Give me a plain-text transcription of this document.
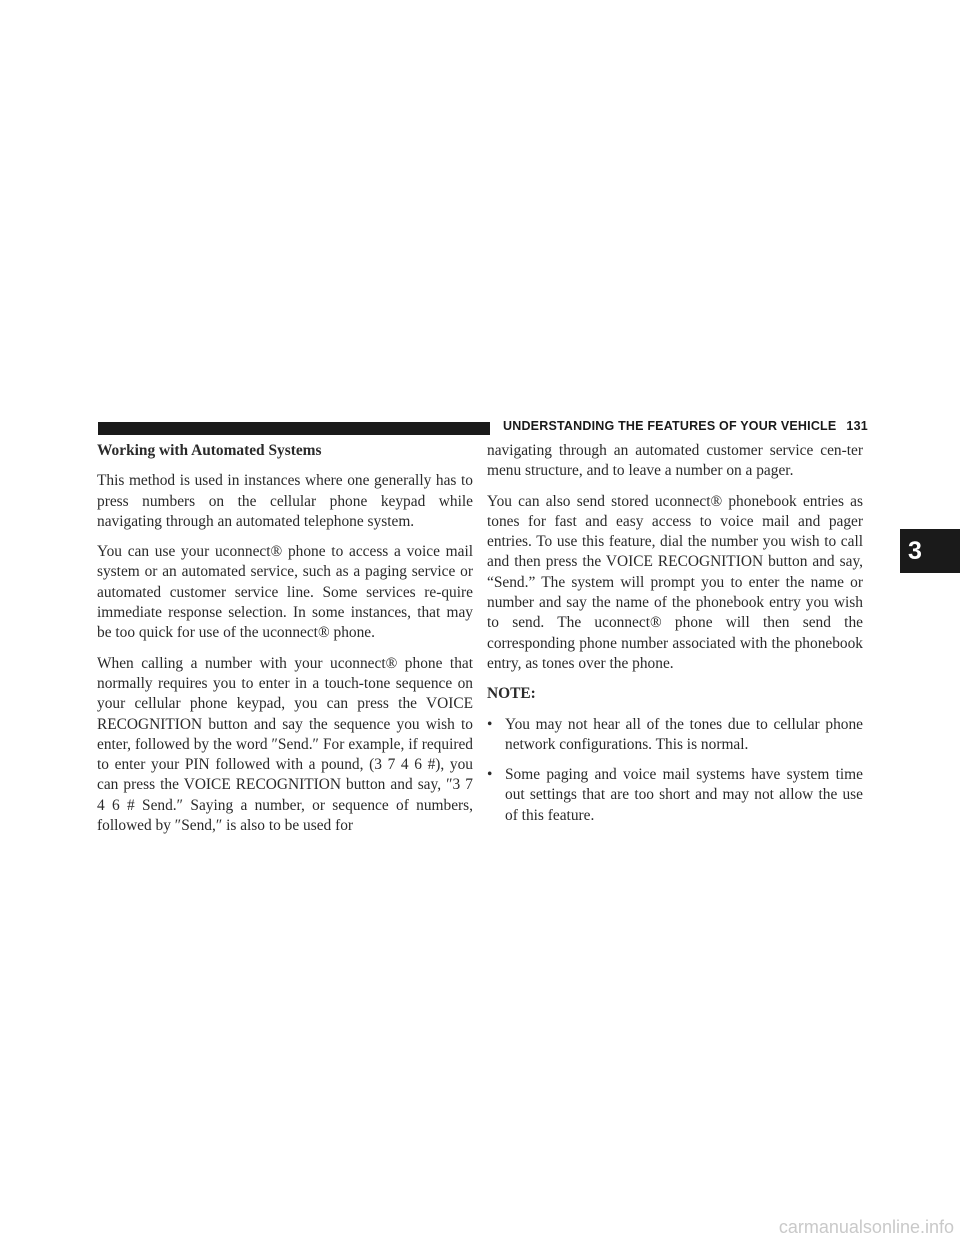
UNDERSTANDING THE FEATURES OF YOUR VEHICLE 131

Working with Automated Systems

This method is used in instances where one generally has to press numbers on the cellular phone keypad while navigating through an automated telephone system.

You can use your uconnect® phone to access a voice mail system or an automated service, such as a paging service or automated customer service line. Some services re-quire immediate response selection. In some instances, that may be too quick for use of the uconnect® phone.

When calling a number with your uconnect® phone that normally requires you to enter in a touch-tone sequence on your cellular phone keypad, you can press the VOICE RECOGNITION button and say the sequence you wish to enter, followed by the word ″Send.″ For example, if required to enter your PIN followed with a pound, (3 7 4 6 #), you can press the VOICE RECOGNITION button and say, ″3 7 4 6 # Send.″ Saying a number, or sequence of numbers, followed by ″Send,″ is also to be used for

navigating through an automated customer service cen-ter menu structure, and to leave a number on a pager.

You can also send stored uconnect® phonebook entries as tones for fast and easy access to voice mail and pager entries. To use this feature, dial the number you wish to call and then press the VOICE RECOGNITION button and say, “Send.” The system will prompt you to enter the name or number and say the name of the phonebook entry you wish to send. The uconnect® phone will then send the corresponding phone number associated with the phonebook entry, as tones over the phone.

NOTE:

• You may not hear all of the tones due to cellular phone network configurations. This is normal.
• Some paging and voice mail systems have system time out settings that are too short and may not allow the use of this feature.
3
carmanualsonline.info
